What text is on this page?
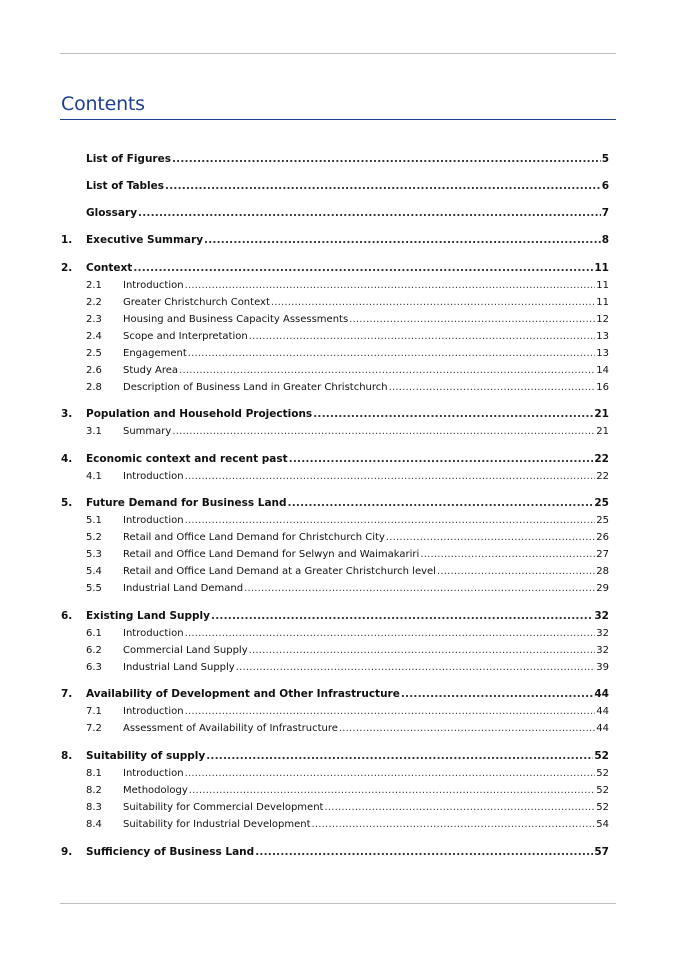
Contents
List of Figures .....	5
List of Tables .....	6
Glossary .....	7
1.	Executive Summary .....	8
2.	Context .....	11
2.1	Introduction .....	11
2.2	Greater Christchurch Context .....	11
2.3	Housing and Business Capacity Assessments .....	12
2.4	Scope and Interpretation .....	13
2.5	Engagement .....	13
2.6	Study Area .....	14
2.8	Description of Business Land in Greater Christchurch .....	16
3.	Population and Household Projections .....	21
3.1	Summary .....	21
4.	Economic context and recent past .....	22
4.1	Introduction .....	22
5.	Future Demand for Business Land .....	25
5.1	Introduction .....	25
5.2	Retail and Office Land Demand for Christchurch City .....	26
5.3	Retail and Office Land Demand for Selwyn and Waimakariri .....	27
5.4	Retail and Office Land Demand at a Greater Christchurch level .....	28
5.5	Industrial Land Demand .....	29
6.	Existing Land Supply .....	32
6.1	Introduction .....	32
6.2	Commercial Land Supply .....	32
6.3	Industrial Land Supply .....	39
7.	Availability of Development and Other Infrastructure .....	44
7.1	Introduction .....	44
7.2	Assessment of Availability of Infrastructure .....	44
8.	Suitability of supply .....	52
8.1	Introduction .....	52
8.2	Methodology .....	52
8.3	Suitability for Commercial Development .....	52
8.4	Suitability for Industrial Development .....	54
9.	Sufficiency of Business Land .....	57
